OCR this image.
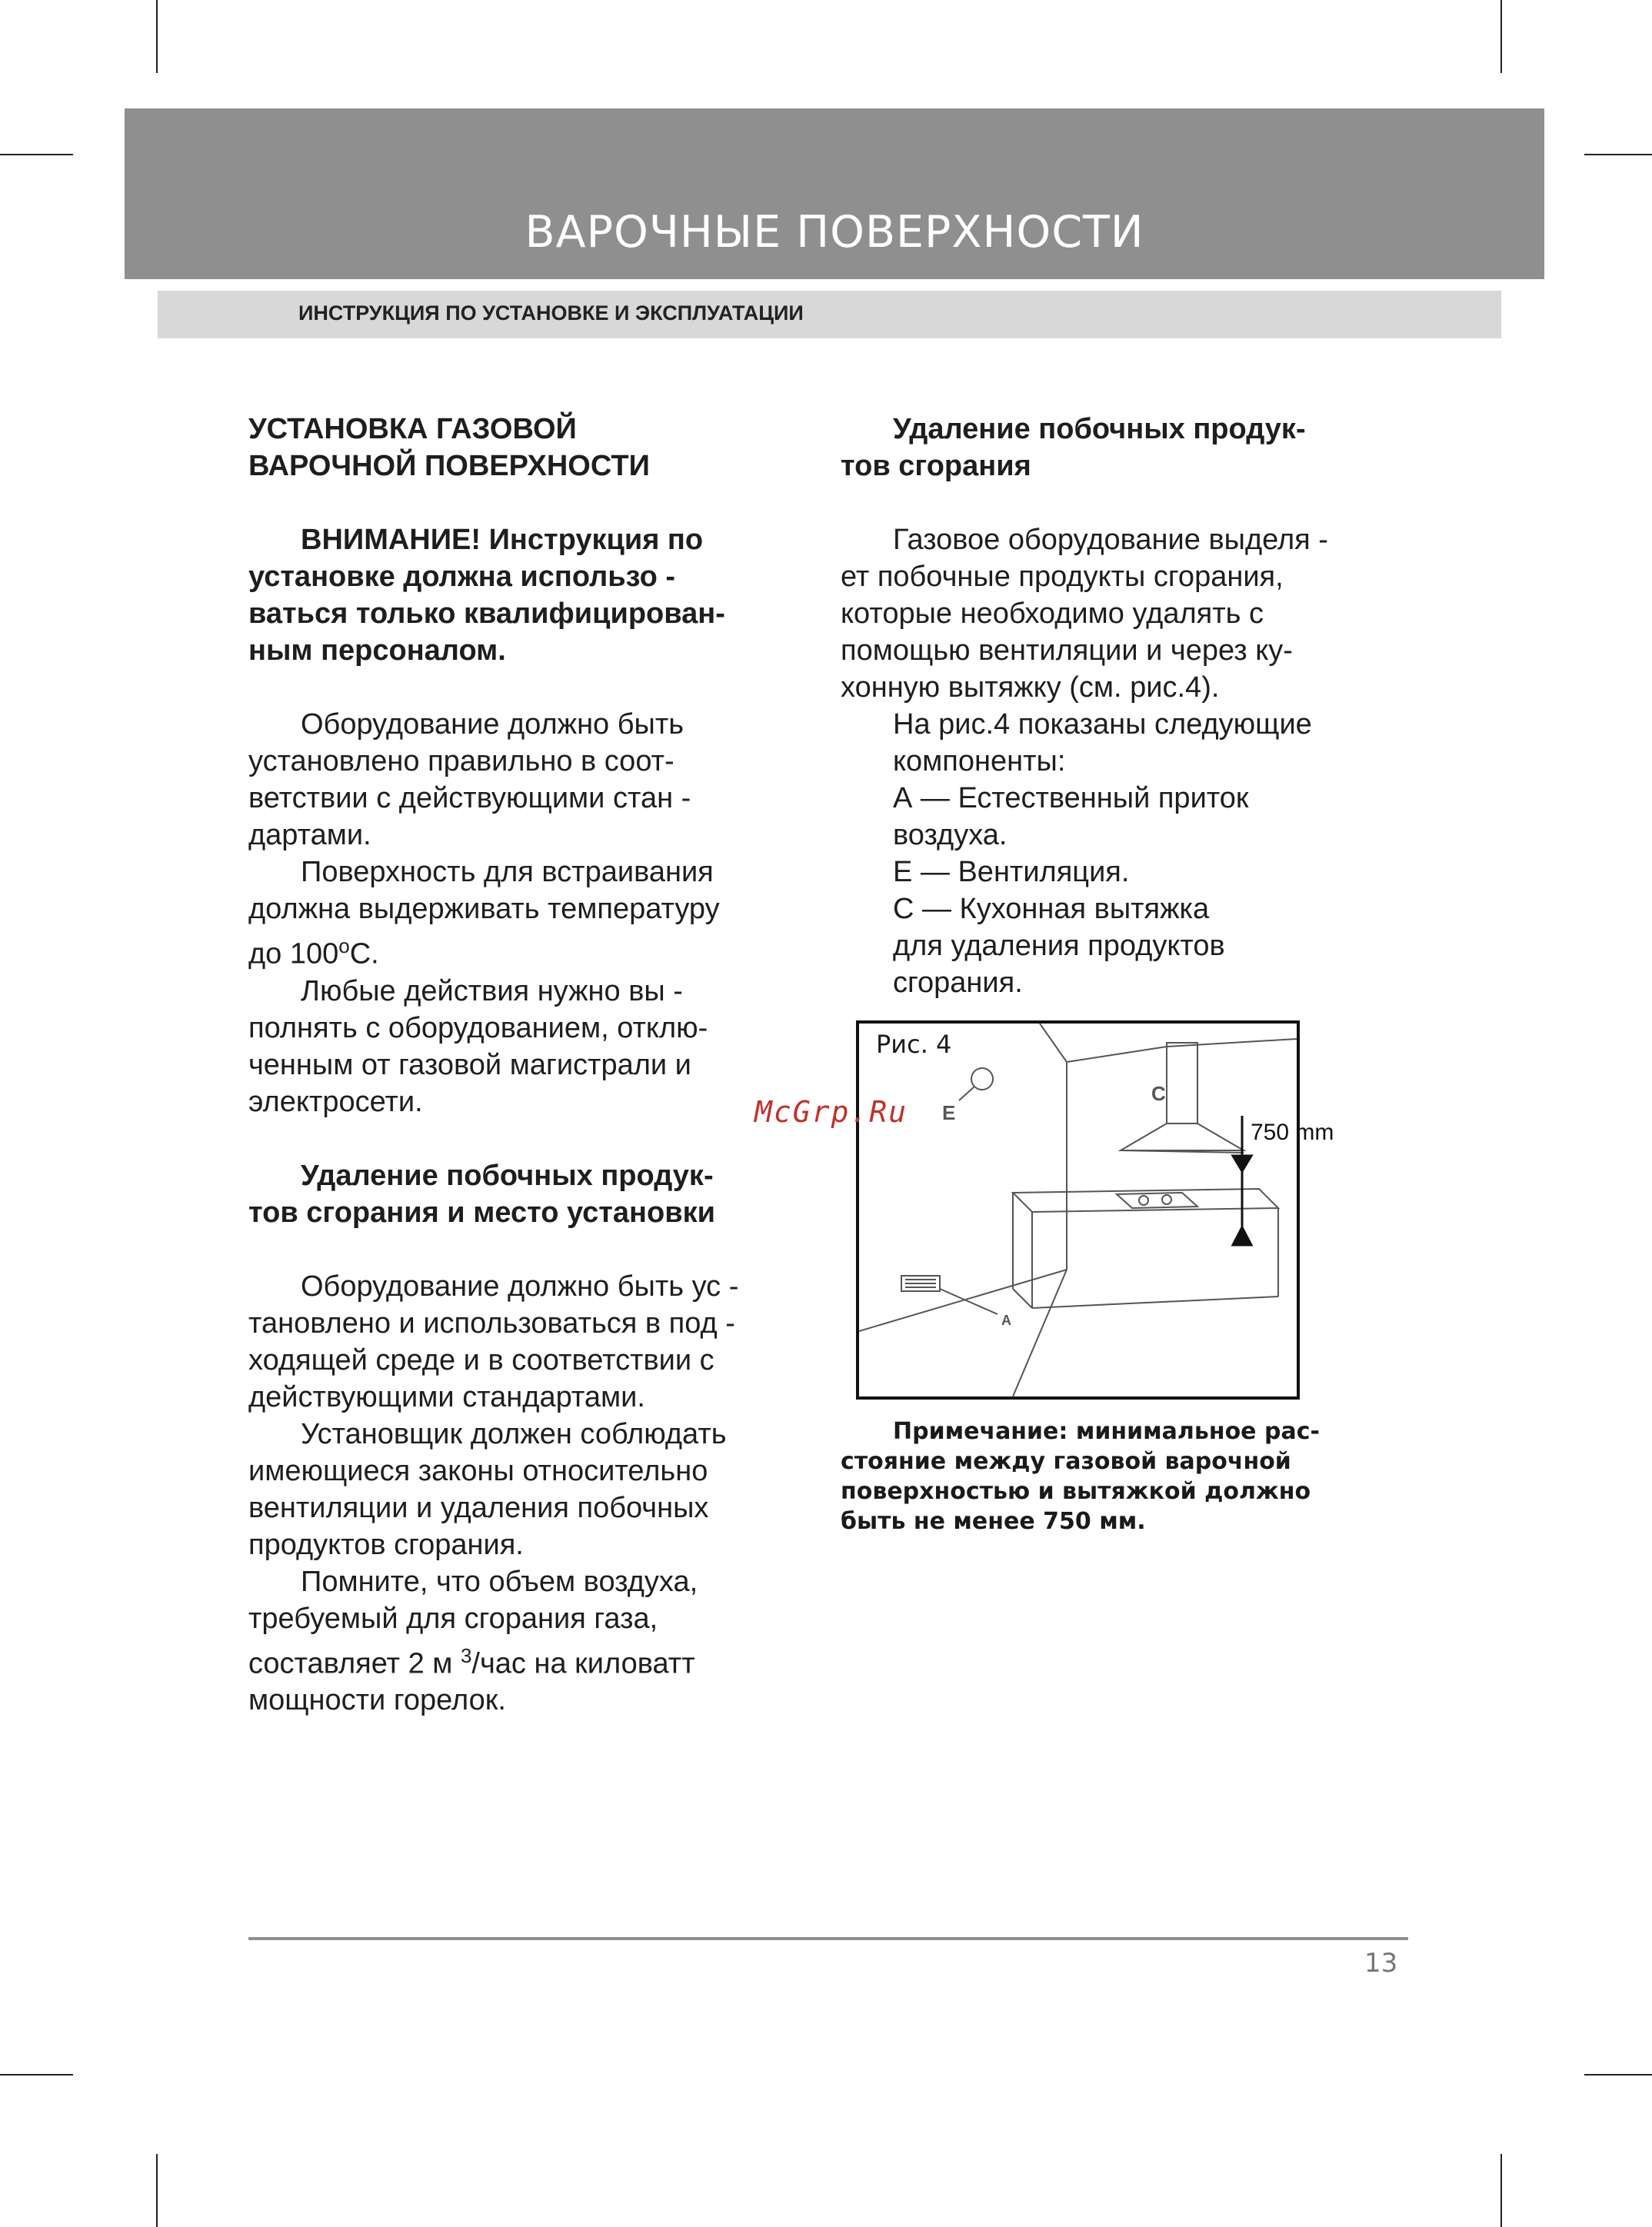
ВАРОЧНЫЕ ПОВЕРХНОСТИ
ИНСТРУКЦИЯ ПО УСТАНОВКЕ И ЭКСПЛУАТАЦИИ

УСТАНОВКА ГАЗОВОЙ

ВАРОЧНОЙ ПОВЕРХНОСТИ

ВНИМАНИЕ! Инструкция по

установке должна использо -

ваться только квалифицирован-

ным персоналом.

Оборудование должно быть

установлено правильно в соот-

ветствии с действующими стан -

дартами.

Поверхность для встраивания

должна выдерживать температуру

до $100^оС$.

Любые действия нужно вы -

полнять с оборудованием, отклю-

ченным от газовой магистрали и

электросети.

Удаление побочных продук-

тов сгорания и место установки

Оборудование должно быть ус -

тановлено и использоваться в под -

ходящей среде и в соответствии с

действующими стандартами.

Установщик должен соблюдать

имеющиеся законы относительно

вентиляции и удаления побочных

продуктов сгорания.

Помните, что объем воздуха,

требуемый для сгорания газа,

составляет 2 м $^3$/час на киловатт

мощности горелок.

Удаление побочных продук-

тов сгорания

Газовое оборудование выделя -

ет побочные продукты сгорания,

которые необходимо удалять с

помощью вентиляции и через ку-

хонную вытяжку (см. рис.4).

На рис.4 показаны следующие

компоненты:

А — Естественный приток

воздуха.

Е — Вентиляция.

С — Кухонная вытяжка

для удаления продуктов

сгорания.

E
C
A
Рис. 4
750 mm
McGrp.Ru

Примечание: минимальное рас-

стояние между газовой варочной

поверхностью и вытяжкой должно

быть не менее 750 мм.

13
